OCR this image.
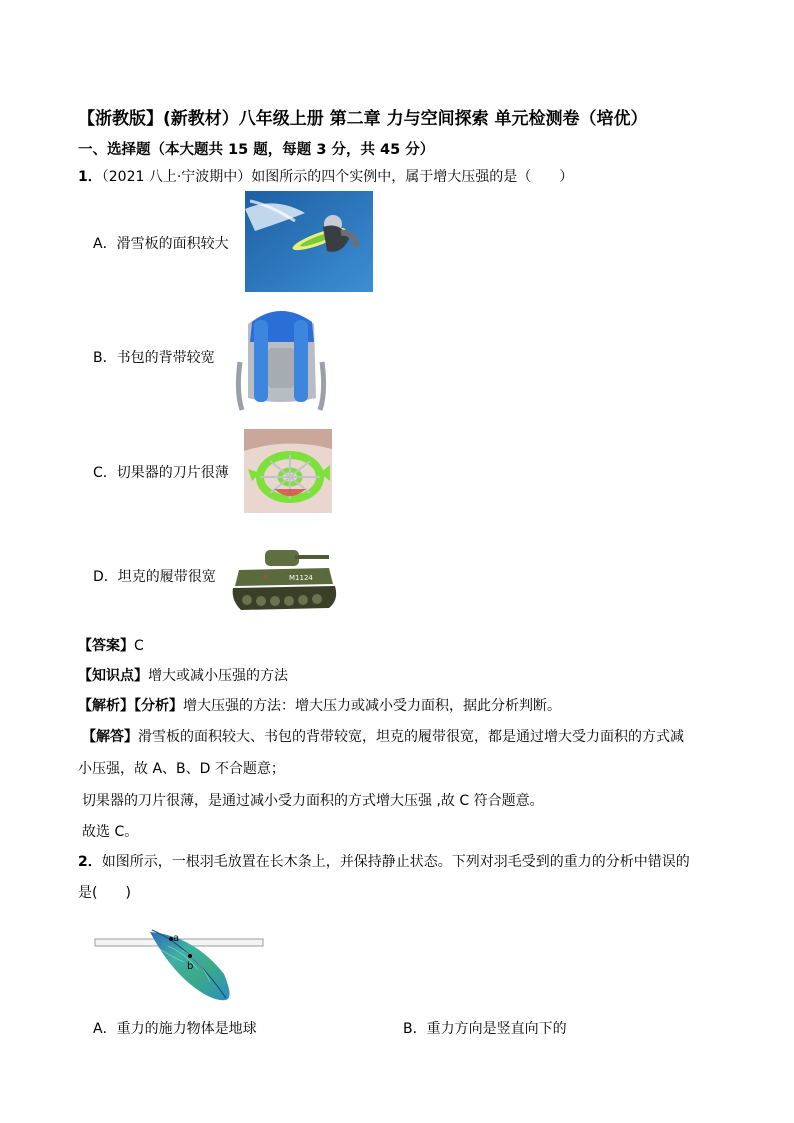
【浙教版】(新教材）八年级上册 第二章 力与空间探索 单元检测卷（培优）
一、选择题（本大题共 15 题，每题 3 分，共 45 分）
1．（2021 八上·宁波期中）如图所示的四个实例中，属于增大压强的是（　　）
A．滑雪板的面积较大
B．书包的背带较宽
C．切果器的刀片很薄
D．坦克的履带很宽	M1124
【答案】C
【知识点】增大或减小压强的方法
【解析】【分析】增大压强的方法：增大压力或减小受力面积，据此分析判断。
【解答】滑雪板的面积较大、书包的背带较宽，坦克的履带很宽，都是通过增大受力面积的方式减
小压强，故 A、B、D 不合题意；
切果器的刀片很薄，是通过减小受力面积的方式增大压强 ,故 C 符合题意。
故选 C。
2．如图所示，一根羽毛放置在长木条上，并保持静止状态。下列对羽毛受到的重力的分析中错误的
是(　　)
a
b
A．重力的施力物体是地球	B．重力方向是竖直向下的
